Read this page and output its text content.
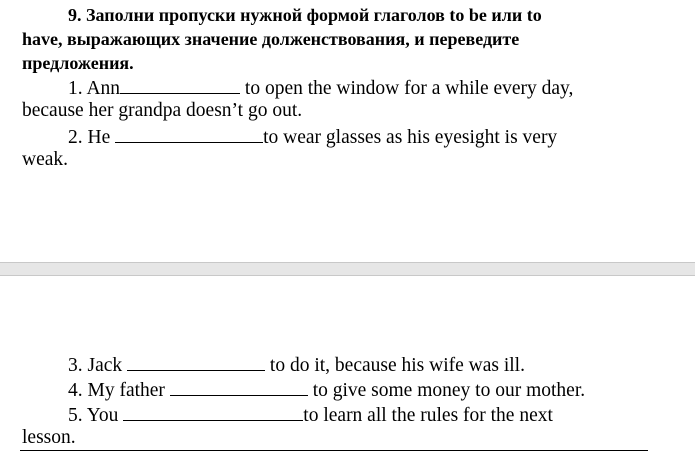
9. Заполни пропуски нужной формой глаголов to be или to
have, выражающих значение долженствования, и переведите
предложения.
1. Ann	to open the window for a while every day,
because her grandpa doesn’t go out.
2. He	to wear glasses as his eyesight is very
weak.
3. Jack	to do it, because his wife was ill.
4. My father	to give some money to our mother.
5. You	to learn all the rules for the next
lesson.
